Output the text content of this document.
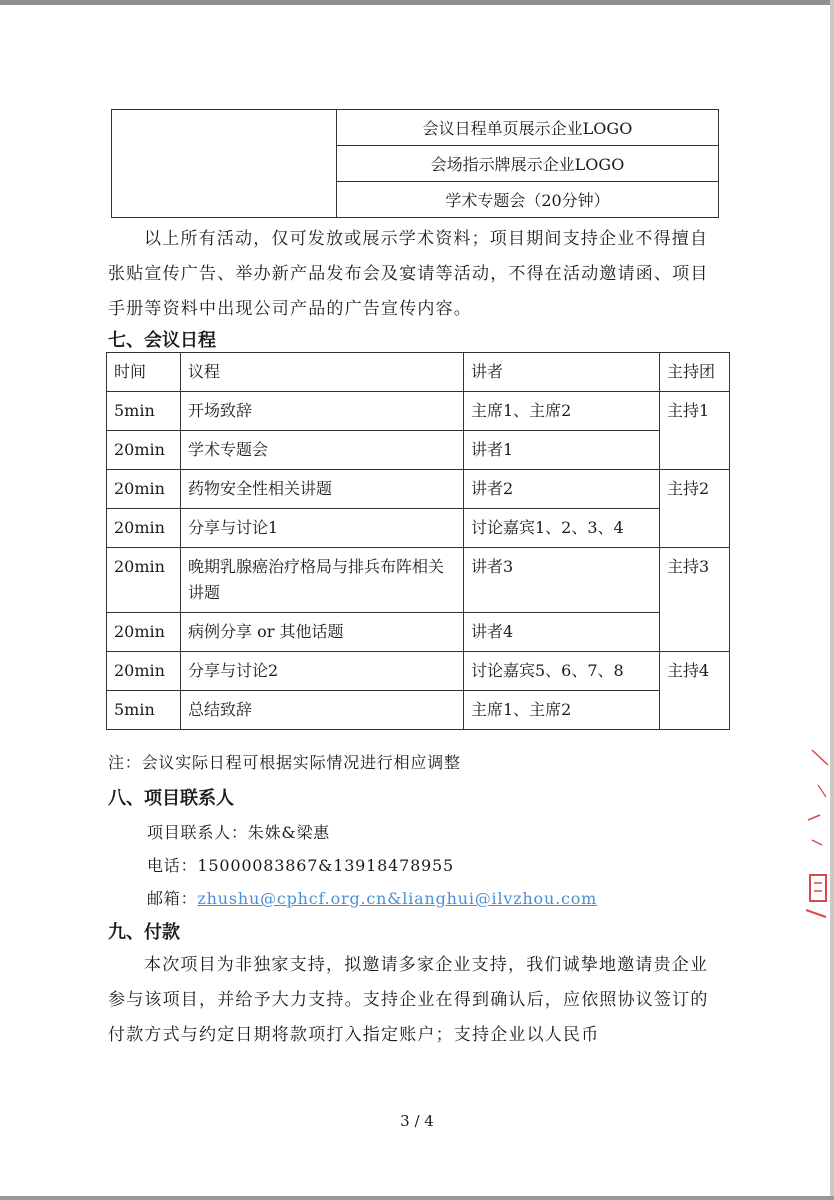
	会议日程单页展示企业LOGO
会场指示牌展示企业LOGO
学术专题会（20分钟）

以上所有活动，仅可发放或展示学术资料；项目期间支持企业不得擅自张贴宣传广告、举办新产品发布会及宴请等活动，不得在活动邀请函、项目手册等资料中出现公司产品的广告宣传内容。

七、会议日程
时间	议程	讲者	主持团
5min	开场致辞	主席1、主席2	主持1
20min	学术专题会	讲者1	
20min	药物安全性相关讲题	讲者2	主持2
20min	分享与讨论1	讨论嘉宾1、2、3、4	
20min	晚期乳腺癌治疗格局与排兵布阵相关讲题	讲者3	主持3
20min	病例分享 or 其他话题	讲者4	
20min	分享与讨论2	讨论嘉宾5、6、7、8	主持4
5min	总结致辞	主席1、主席2	
注：会议实际日程可根据实际情况进行相应调整
八、项目联系人
项目联系人：朱姝&梁惠
电话：15000083867&13918478955
邮箱：zhushu@cphcf.org.cn&lianghui@ilvzhou.com
九、付款

本次项目为非独家支持，拟邀请多家企业支持，我们诚挚地邀请贵企业参与该项目，并给予大力支持。支持企业在得到确认后，应依照协议签订的付款方式与约定日期将款项打入指定账户；支持企业以人民币

3 / 4
